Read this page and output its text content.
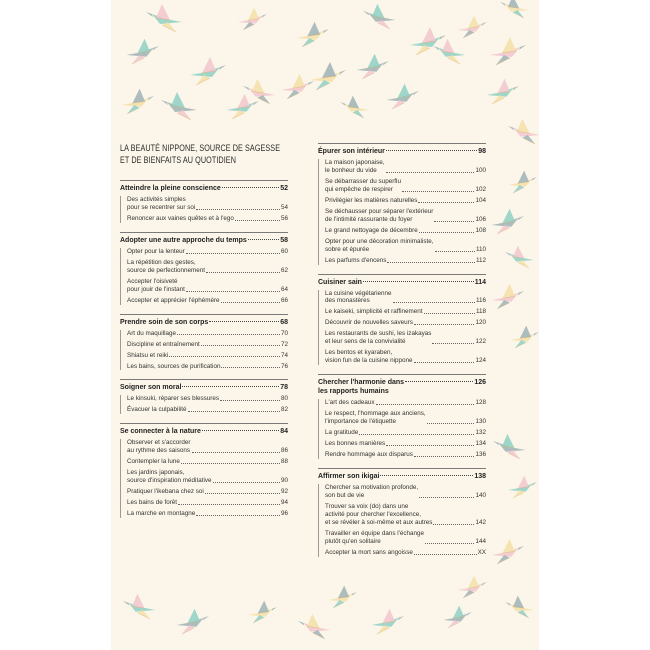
LA BEAUTÉ NIPPONE, SOURCE DE SAGESSE
ET DE BIENFAITS AU QUOTIDIEN
Atteindre la pleine conscience	52
Des activités simples
pour se recentrer sur soi	54
Renoncer aux vaines quêtes et à l'ego	56
Adopter une autre approche du temps	58
Opter pour la lenteur	60
La répétition des gestes,
source de perfectionnement	62
Accepter l'oisiveté
pour jouir de l'instant	64
Accepter et apprécier l'éphémère	66
Prendre soin de son corps	68
Art du maquillage	70
Discipline et entraînement	72
Shiatsu et reiki	74
Les bains, sources de purification	76
Soigner son moral	78
Le kinsuki, réparer ses blessures	80
Évacuer la culpabilité	82
Se connecter à la nature	84
Observer et s'accorder
au rythme des saisons	86
Contempler la lune	88
Les jardins japonais,
source d'inspiration méditative	90
Pratiquer l'ikebana chez soi	92
Les bains de forêt	94
La marche en montagne	96
Épurer son intérieur	98
La maison japonaise,
le bonheur du vide	100
Se débarrasser du superflu
qui empêche de respirer	102
Privilégier les matières naturelles	104
Se déchausser pour séparer l'extérieur
de l'intimité rassurante du foyer	106
Le grand nettoyage de décembre	108
Opter pour une décoration minimaliste,
sobre et épurée	110
Les parfums d'encens	112
Cuisiner sain	114
La cuisine végétarienne
des monastères	116
Le kaiseki, simplicité et raffinement	118
Découvrir de nouvelles saveurs	120
Les restaurants de sushi, les izakayas
et leur sens de la convivialité	122
Les bentos et kyaraben,
vision fun de la cuisine nippone	124
Chercher l'harmonie dans
les rapports humains
126
L'art des cadeaux	128
Le respect, l'hommage aux anciens,
l'importance de l'étiquette	130
La gratitude	132
Les bonnes manières	134
Rendre hommage aux disparus	136
Affirmer son ikigai	138
Chercher sa motivation profonde,
son but de vie	140
Trouver sa voix (do) dans une
activité pour chercher l'excellence,
et se révéler à soi-même et aux autres	142
Travailler en équipe dans l'échange
plutôt qu'en solitaire	144
Accepter la mort sans angoisse	XX
